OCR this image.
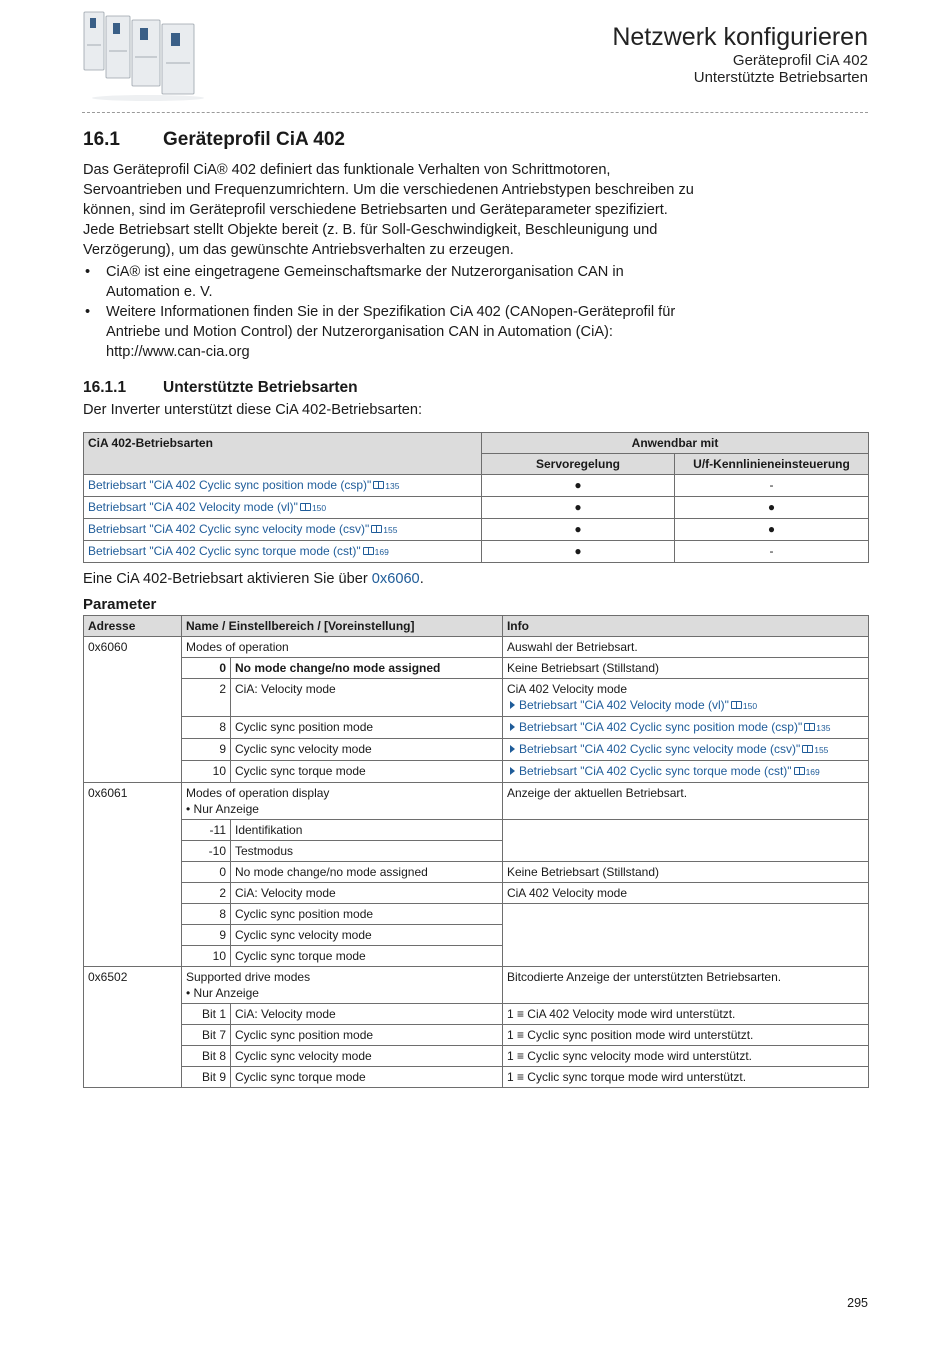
Netzwerk konfigurieren
Geräteprofil CiA 402
Unterstützte Betriebsarten
16.1 Geräteprofil CiA 402

Das Geräteprofil CiA® 402 definiert das funktionale Verhalten von Schrittmotoren, Servoantrieben und Frequenzumrichtern. Um die verschiedenen Antriebstypen beschreiben zu können, sind im Geräteprofil verschiedene Betriebsarten und Geräteparameter spezifiziert. Jede Betriebsart stellt Objekte bereit (z. B. für Soll-Geschwindigkeit, Beschleunigung und Verzögerung), um das gewünschte Antriebsverhalten zu erzeugen.

• CiA® ist eine eingetragene Gemeinschaftsmarke der Nutzerorganisation CAN in Automation e. V.
• Weitere Informationen finden Sie in der Spezifikation CiA 402 (CANopen-Geräteprofil für Antriebe und Motion Control) der Nutzerorganisation CAN in Automation (CiA): http://www.can-cia.org
16.1.1 Unterstützte Betriebsarten

Der Inverter unterstützt diese CiA 402-Betriebsarten:

CiA 402-Betriebsarten	Anwendbar mit	
	Servoregelung	U/f-Kennlinieneinsteuerung
Betriebsart "CiA 402 Cyclic sync position mode (csp)" 135	●	-
Betriebsart "CiA 402 Velocity mode (vl)" 150	●	●
Betriebsart "CiA 402 Cyclic sync velocity mode (csv)" 155	●	●
Betriebsart "CiA 402 Cyclic sync torque mode (cst)" 169	●	-

Eine CiA 402-Betriebsart aktivieren Sie über 0x6060.

Parameter
Adresse	Name / Einstellbereich / [Voreinstellung]		Info
0x6060	Modes of operation		Auswahl der Betriebsart.
	0	No mode change/no mode assigned	Keine Betriebsart (Stillstand)
	2	CiA: Velocity mode	CiA 402 Velocity mode
Betriebsart "CiA 402 Velocity mode (vl)" 150

	8	Cyclic sync position mode	Betriebsart "CiA 402 Cyclic sync position mode (csp)" 135
	9	Cyclic sync velocity mode	Betriebsart "CiA 402 Cyclic sync velocity mode (csv)" 155
	10	Cyclic sync torque mode	Betriebsart "CiA 402 Cyclic sync torque mode (cst)" 169
0x6061	Modes of operation display
• Nur Anzeige		Anzeige der aktuellen Betriebsart.
	-11	Identifikation	
	-10	Testmodus	
	0	No mode change/no mode assigned	Keine Betriebsart (Stillstand)
	2	CiA: Velocity mode	CiA 402 Velocity mode
	8	Cyclic sync position mode	
	9	Cyclic sync velocity mode	
	10	Cyclic sync torque mode	
0x6502	Supported drive modes
• Nur Anzeige		Bitcodierte Anzeige der unterstützten Betriebsarten.
	Bit 1	CiA: Velocity mode	1 ≡ CiA 402 Velocity mode wird unterstützt.
	Bit 7	Cyclic sync position mode	1 ≡ Cyclic sync position mode wird unterstützt.
	Bit 8	Cyclic sync velocity mode	1 ≡ Cyclic sync velocity mode wird unterstützt.
	Bit 9	Cyclic sync torque mode	1 ≡ Cyclic sync torque mode wird unterstützt.
295
